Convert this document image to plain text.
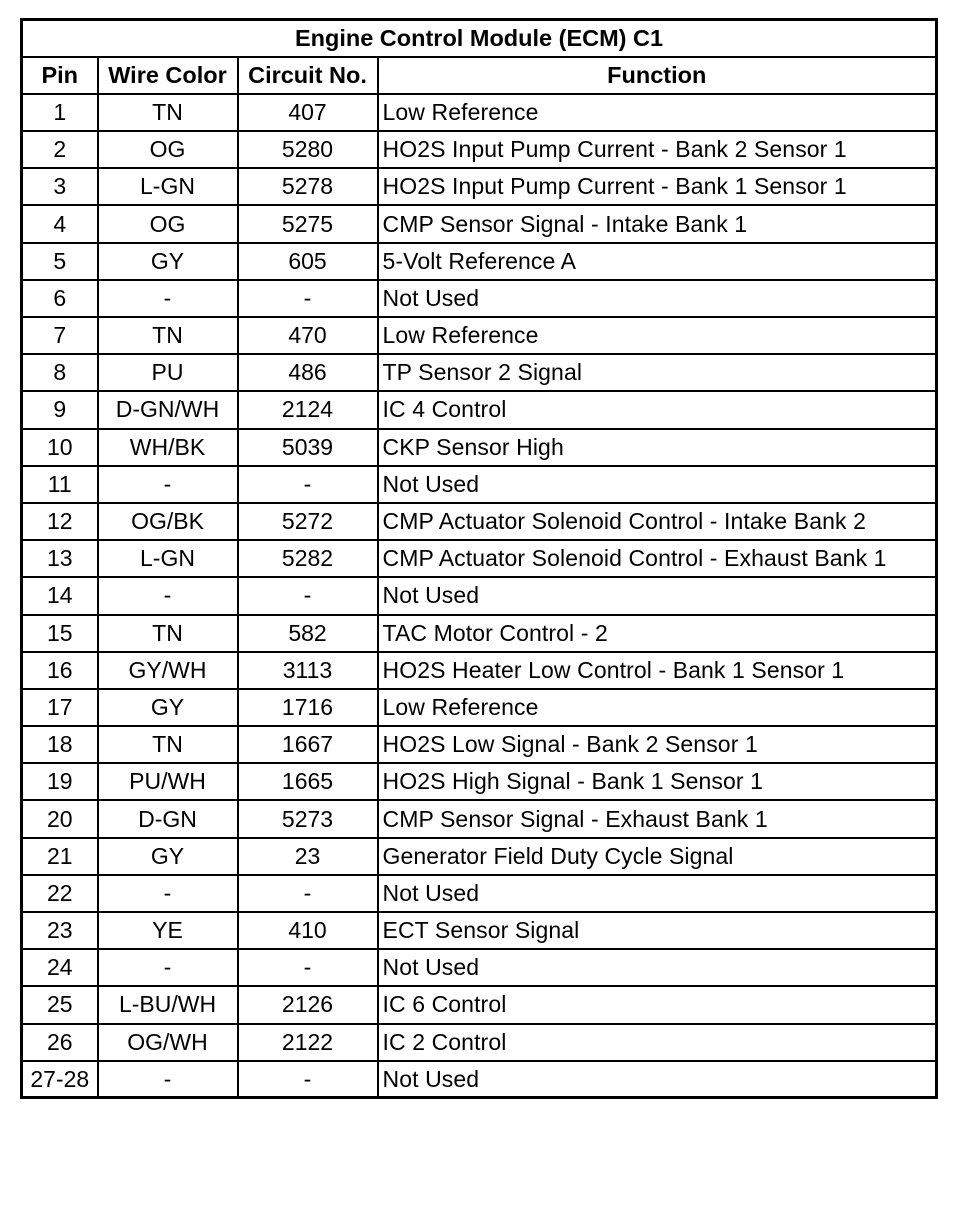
Engine Control Module (ECM) C1			
Pin	Wire Color	Circuit No.	Function
1	TN	407	Low Reference
2	OG	5280	HO2S Input Pump Current - Bank 2 Sensor 1
3	L-GN	5278	HO2S Input Pump Current - Bank 1 Sensor 1
4	OG	5275	CMP Sensor Signal - Intake Bank 1
5	GY	605	5-Volt Reference A
6	-	-	Not Used
7	TN	470	Low Reference
8	PU	486	TP Sensor 2 Signal
9	D-GN/WH	2124	IC 4 Control
10	WH/BK	5039	CKP Sensor High
11	-	-	Not Used
12	OG/BK	5272	CMP Actuator Solenoid Control - Intake Bank 2
13	L-GN	5282	CMP Actuator Solenoid Control - Exhaust Bank 1
14	-	-	Not Used
15	TN	582	TAC Motor Control - 2
16	GY/WH	3113	HO2S Heater Low Control - Bank 1 Sensor 1
17	GY	1716	Low Reference
18	TN	1667	HO2S Low Signal - Bank 2 Sensor 1
19	PU/WH	1665	HO2S High Signal - Bank 1 Sensor 1
20	D-GN	5273	CMP Sensor Signal - Exhaust Bank 1
21	GY	23	Generator Field Duty Cycle Signal
22	-	-	Not Used
23	YE	410	ECT Sensor Signal
24	-	-	Not Used
25	L-BU/WH	2126	IC 6 Control
26	OG/WH	2122	IC 2 Control
27-28	-	-	Not Used
